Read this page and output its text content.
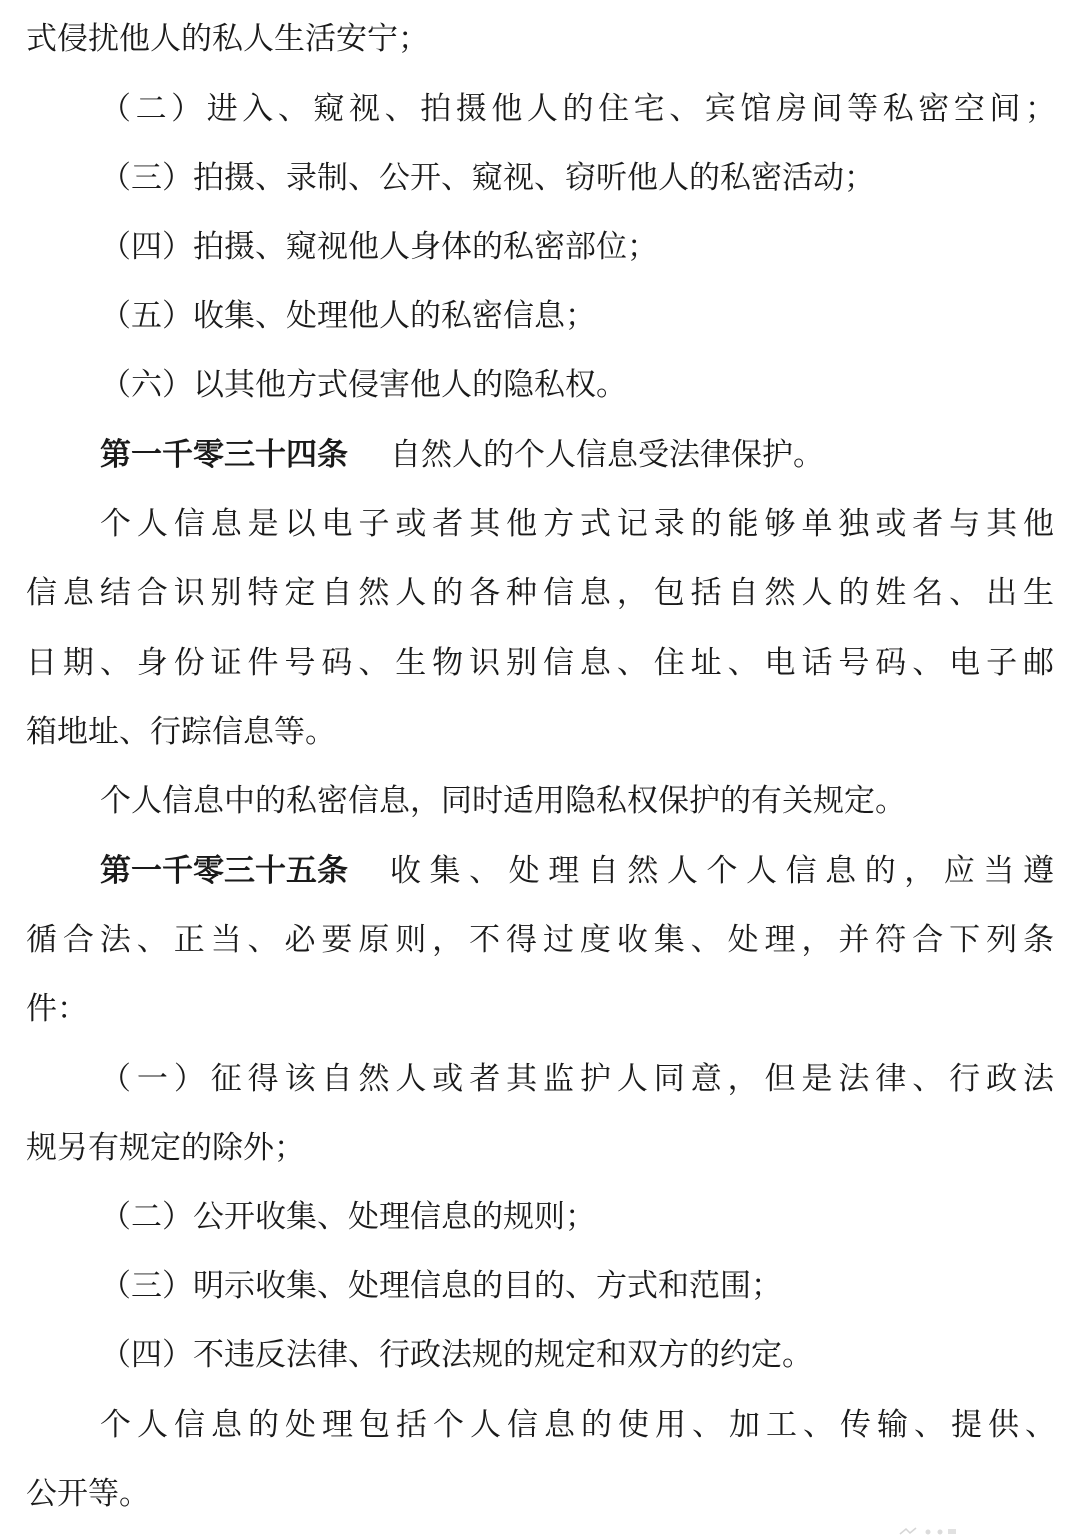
式侵扰他人的私人生活安宁；
（二）进入、窥视、拍摄他人的住宅、宾馆房间等私密空间；
（三）拍摄、录制、公开、窥视、窃听他人的私密活动；
（四）拍摄、窥视他人身体的私密部位；
（五）收集、处理他人的私密信息；
（六）以其他方式侵害他人的隐私权。
第一千零三十四条 自然人的个人信息受法律保护。
个人信息是以电子或者其他方式记录的能够单独或者与其他
信息结合识别特定自然人的各种信息，包括自然人的姓名、出生
日期、身份证件号码、生物识别信息、住址、电话号码、电子邮
箱地址、行踪信息等。
个人信息中的私密信息，同时适用隐私权保护的有关规定。
第一千零三十五条 收集、处理自然人个人信息的，应当遵
循合法、正当、必要原则，不得过度收集、处理，并符合下列条
件：
（一）征得该自然人或者其监护人同意，但是法律、行政法
规另有规定的除外；
（二）公开收集、处理信息的规则；
（三）明示收集、处理信息的目的、方式和范围；
（四）不违反法律、行政法规的规定和双方的约定。
个人信息的处理包括个人信息的使用、加工、传输、提供、
公开等。
